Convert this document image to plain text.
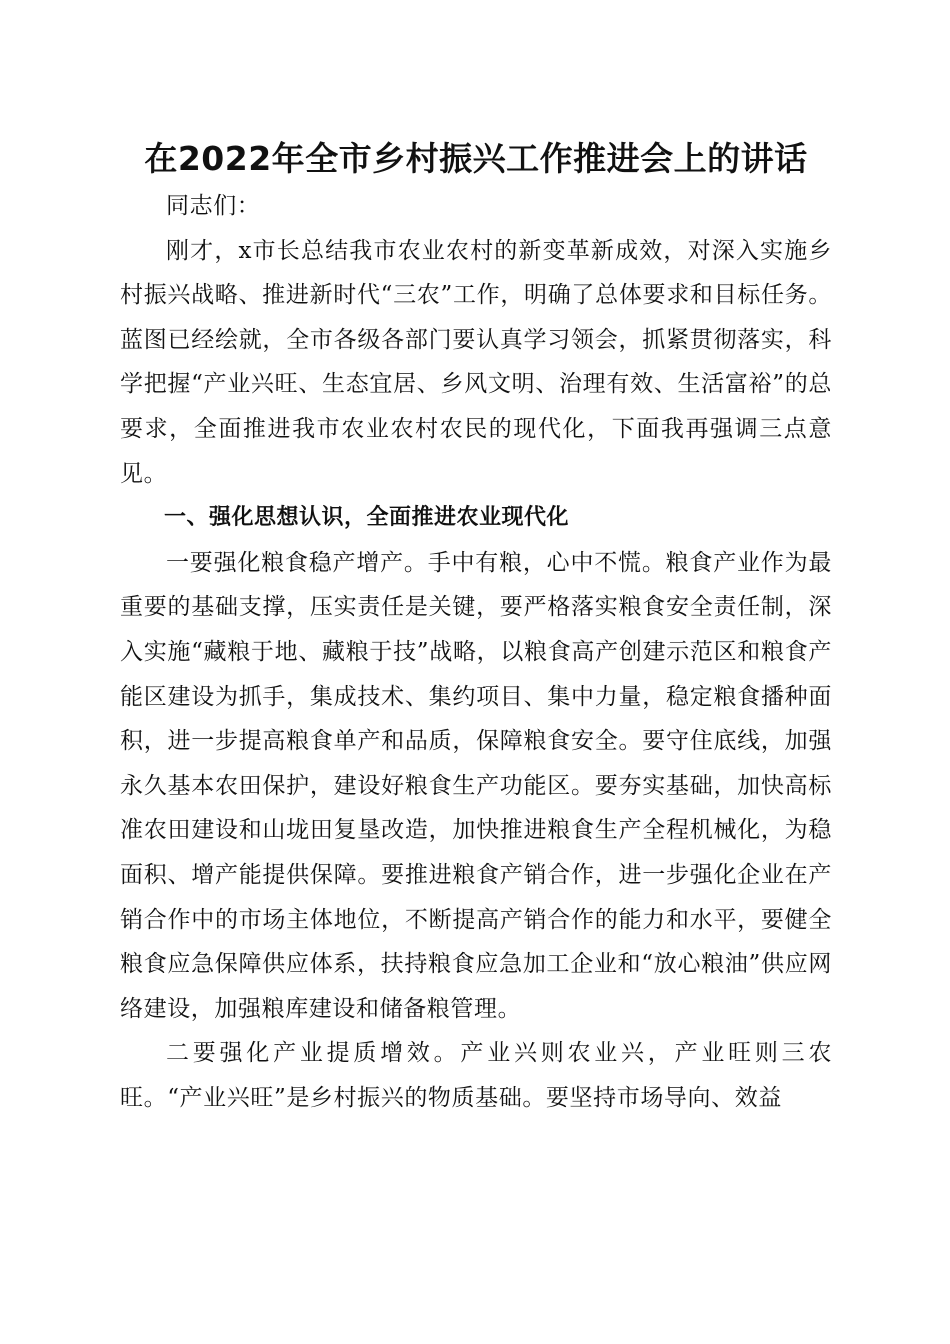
在2022年全市乡村振兴工作推进会上的讲话

同志们：

刚才，x市长总结我市农业农村的新变革新成效，对深入实施乡村振兴战略、推进新时代“三农”工作，明确了总体要求和目标任务。蓝图已经绘就，全市各级各部门要认真学习领会，抓紧贯彻落实，科学把握“产业兴旺、生态宜居、乡风文明、治理有效、生活富裕”的总要求，全面推进我市农业农村农民的现代化，下面我再强调三点意见。

一、强化思想认识，全面推进农业现代化

一要强化粮食稳产增产。手中有粮，心中不慌。粮食产业作为最重要的基础支撑，压实责任是关键，要严格落实粮食安全责任制，深入实施“藏粮于地、藏粮于技”战略，以粮食高产创建示范区和粮食产能区建设为抓手，集成技术、集约项目、集中力量，稳定粮食播种面积，进一步提高粮食单产和品质，保障粮食安全。要守住底线，加强永久基本农田保护，建设好粮食生产功能区。要夯实基础，加快高标准农田建设和山垅田复垦改造，加快推进粮食生产全程机械化，为稳面积、增产能提供保障。要推进粮食产销合作，进一步强化企业在产销合作中的市场主体地位，不断提高产销合作的能力和水平，要健全粮食应急保障供应体系，扶持粮食应急加工企业和“放心粮油”供应网络建设，加强粮库建设和储备粮管理。

二要强化产业提质增效。产业兴则农业兴，产业旺则三农旺。“产业兴旺”是乡村振兴的物质基础。要坚持市场导向、效益
